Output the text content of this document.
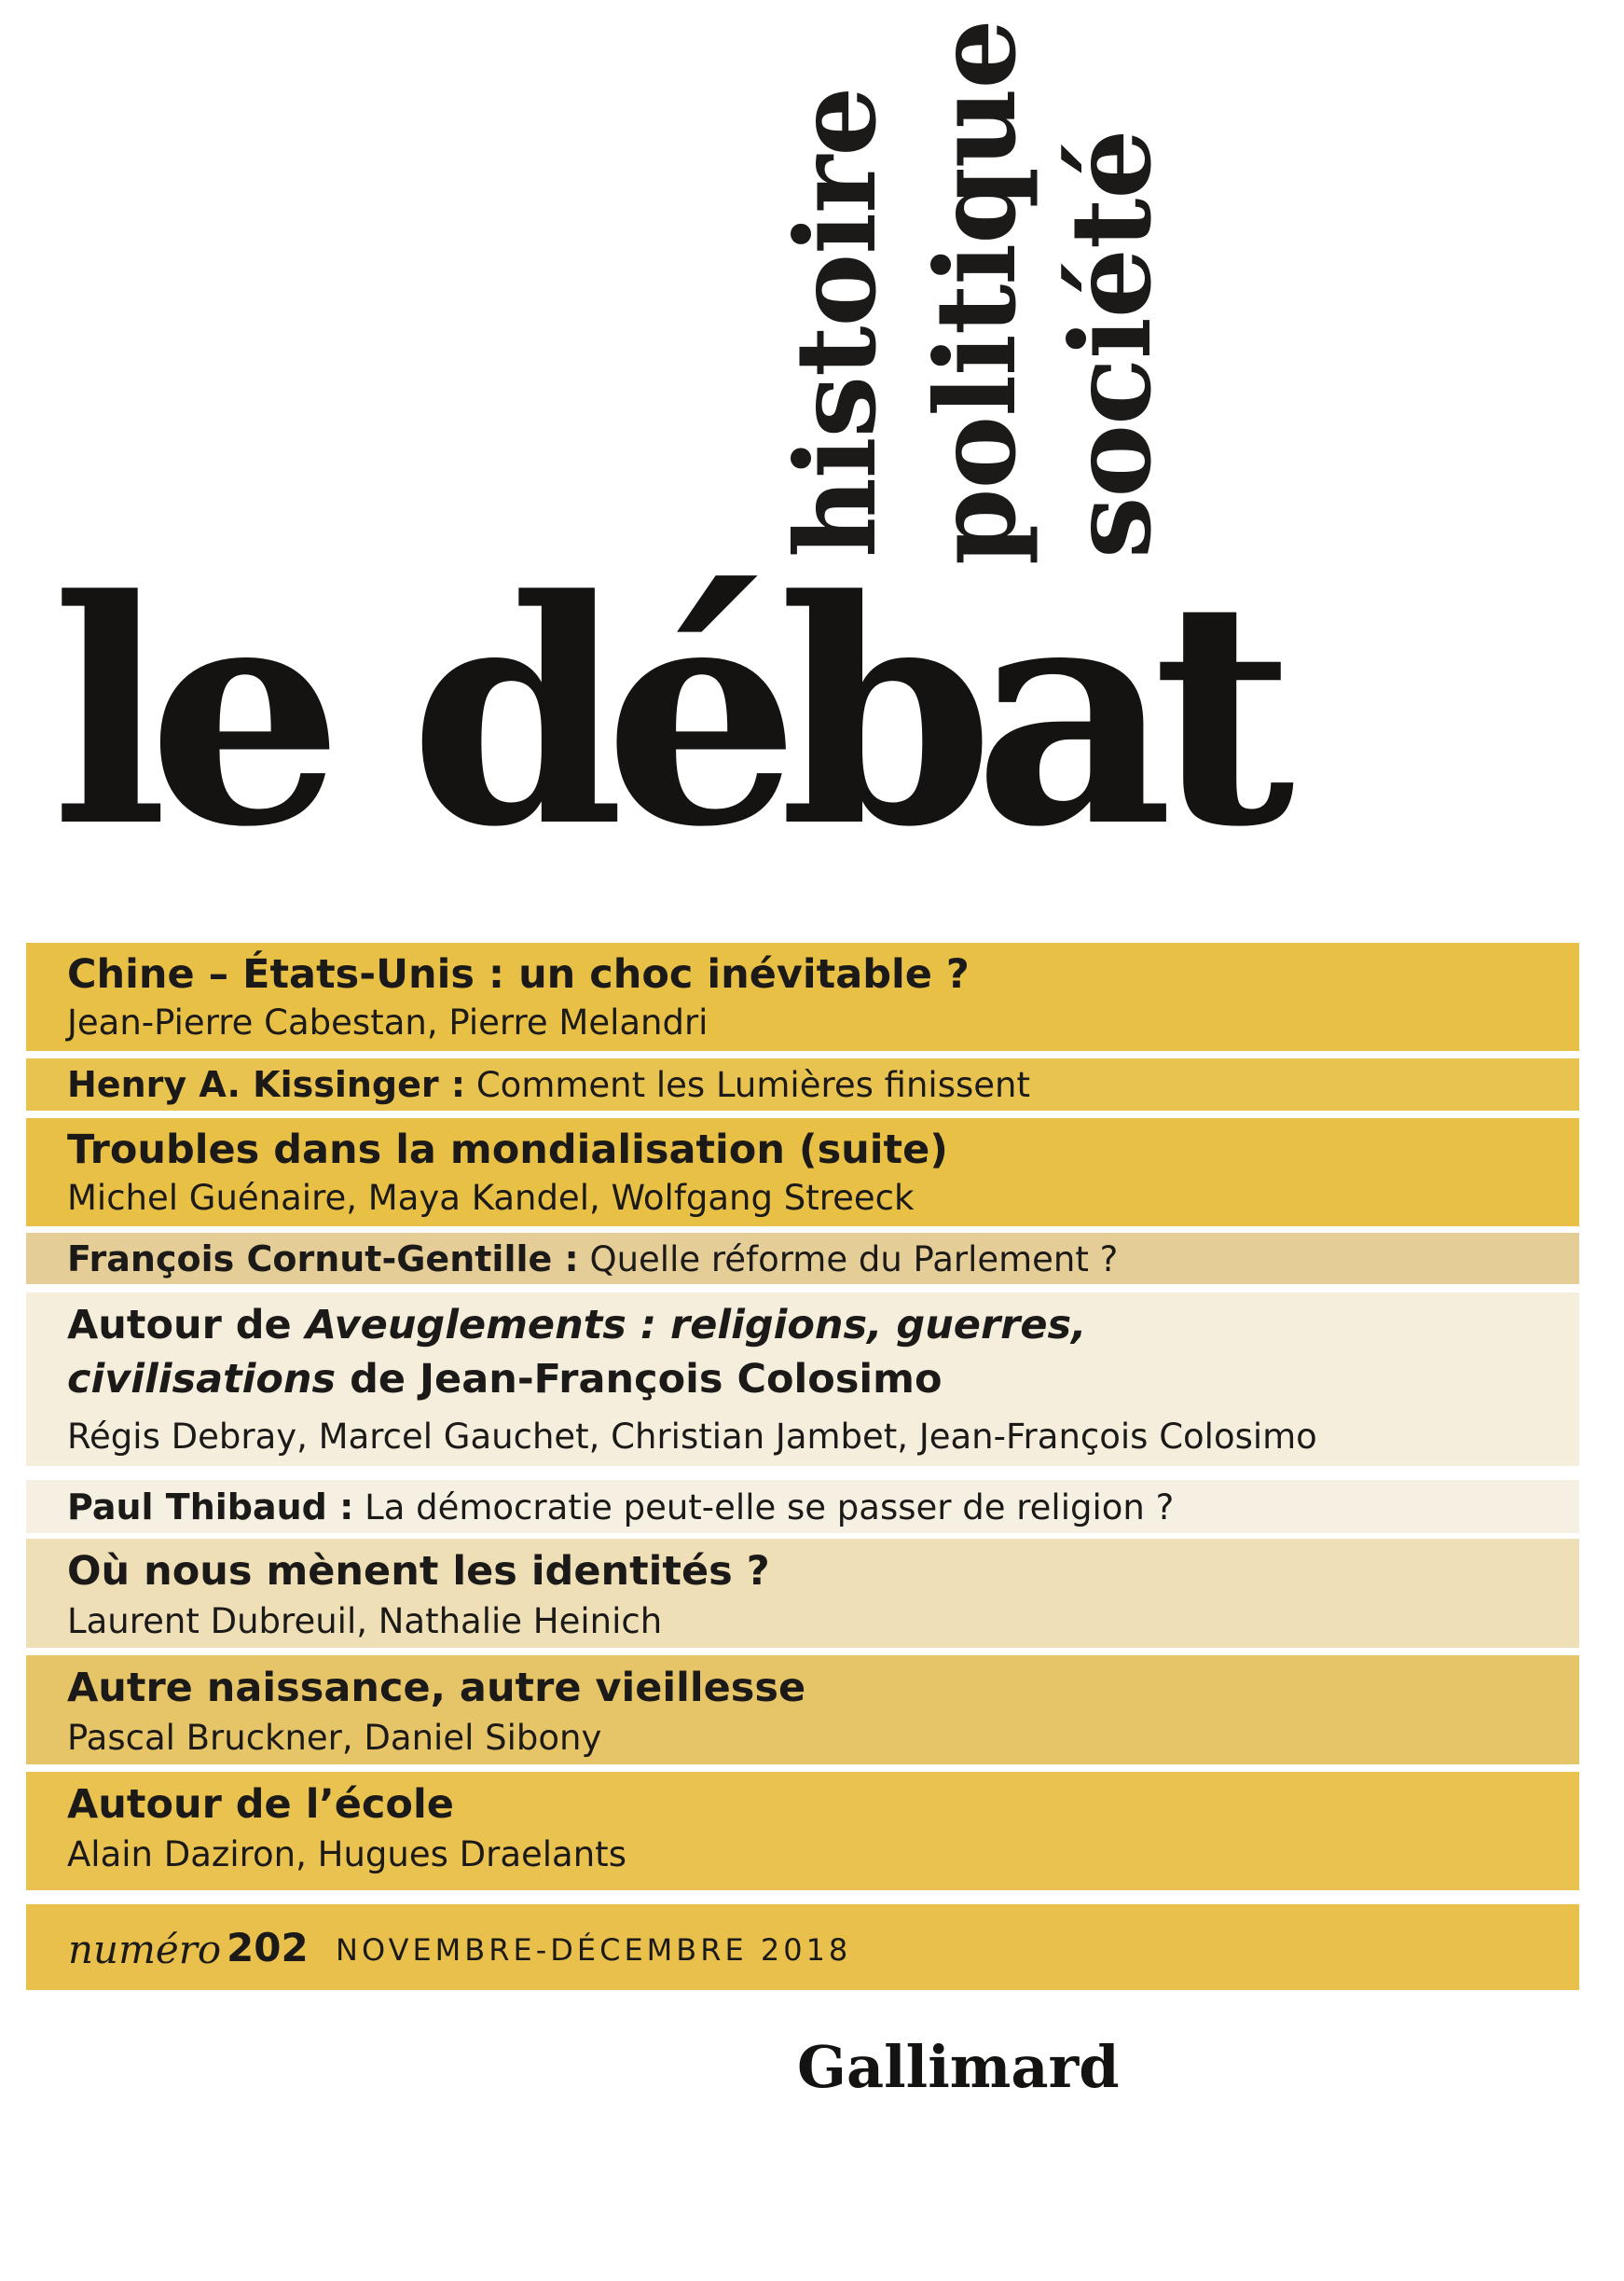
histoire politique société
le débat
Chine – États-Unis : un choc inévitable ?
Jean-Pierre Cabestan, Pierre Melandri
Henry A. Kissinger : Comment les Lumières finissent
Troubles dans la mondialisation (suite)
Michel Guénaire, Maya Kandel, Wolfgang Streeck
François Cornut-Gentille : Quelle réforme du Parlement ?
Autour de Aveuglements : religions, guerres,
civilisations de Jean-François Colosimo
Régis Debray, Marcel Gauchet, Christian Jambet, Jean-François Colosimo
Paul Thibaud : La démocratie peut-elle se passer de religion ?
Où nous mènent les identités ?
Laurent Dubreuil, Nathalie Heinich
Autre naissance, autre vieillesse
Pascal Bruckner, Daniel Sibony
Autour de l’école
Alain Daziron, Hugues Draelants
numéro 202 NOVEMBRE-DÉCEMBRE 2018
Gallimard
